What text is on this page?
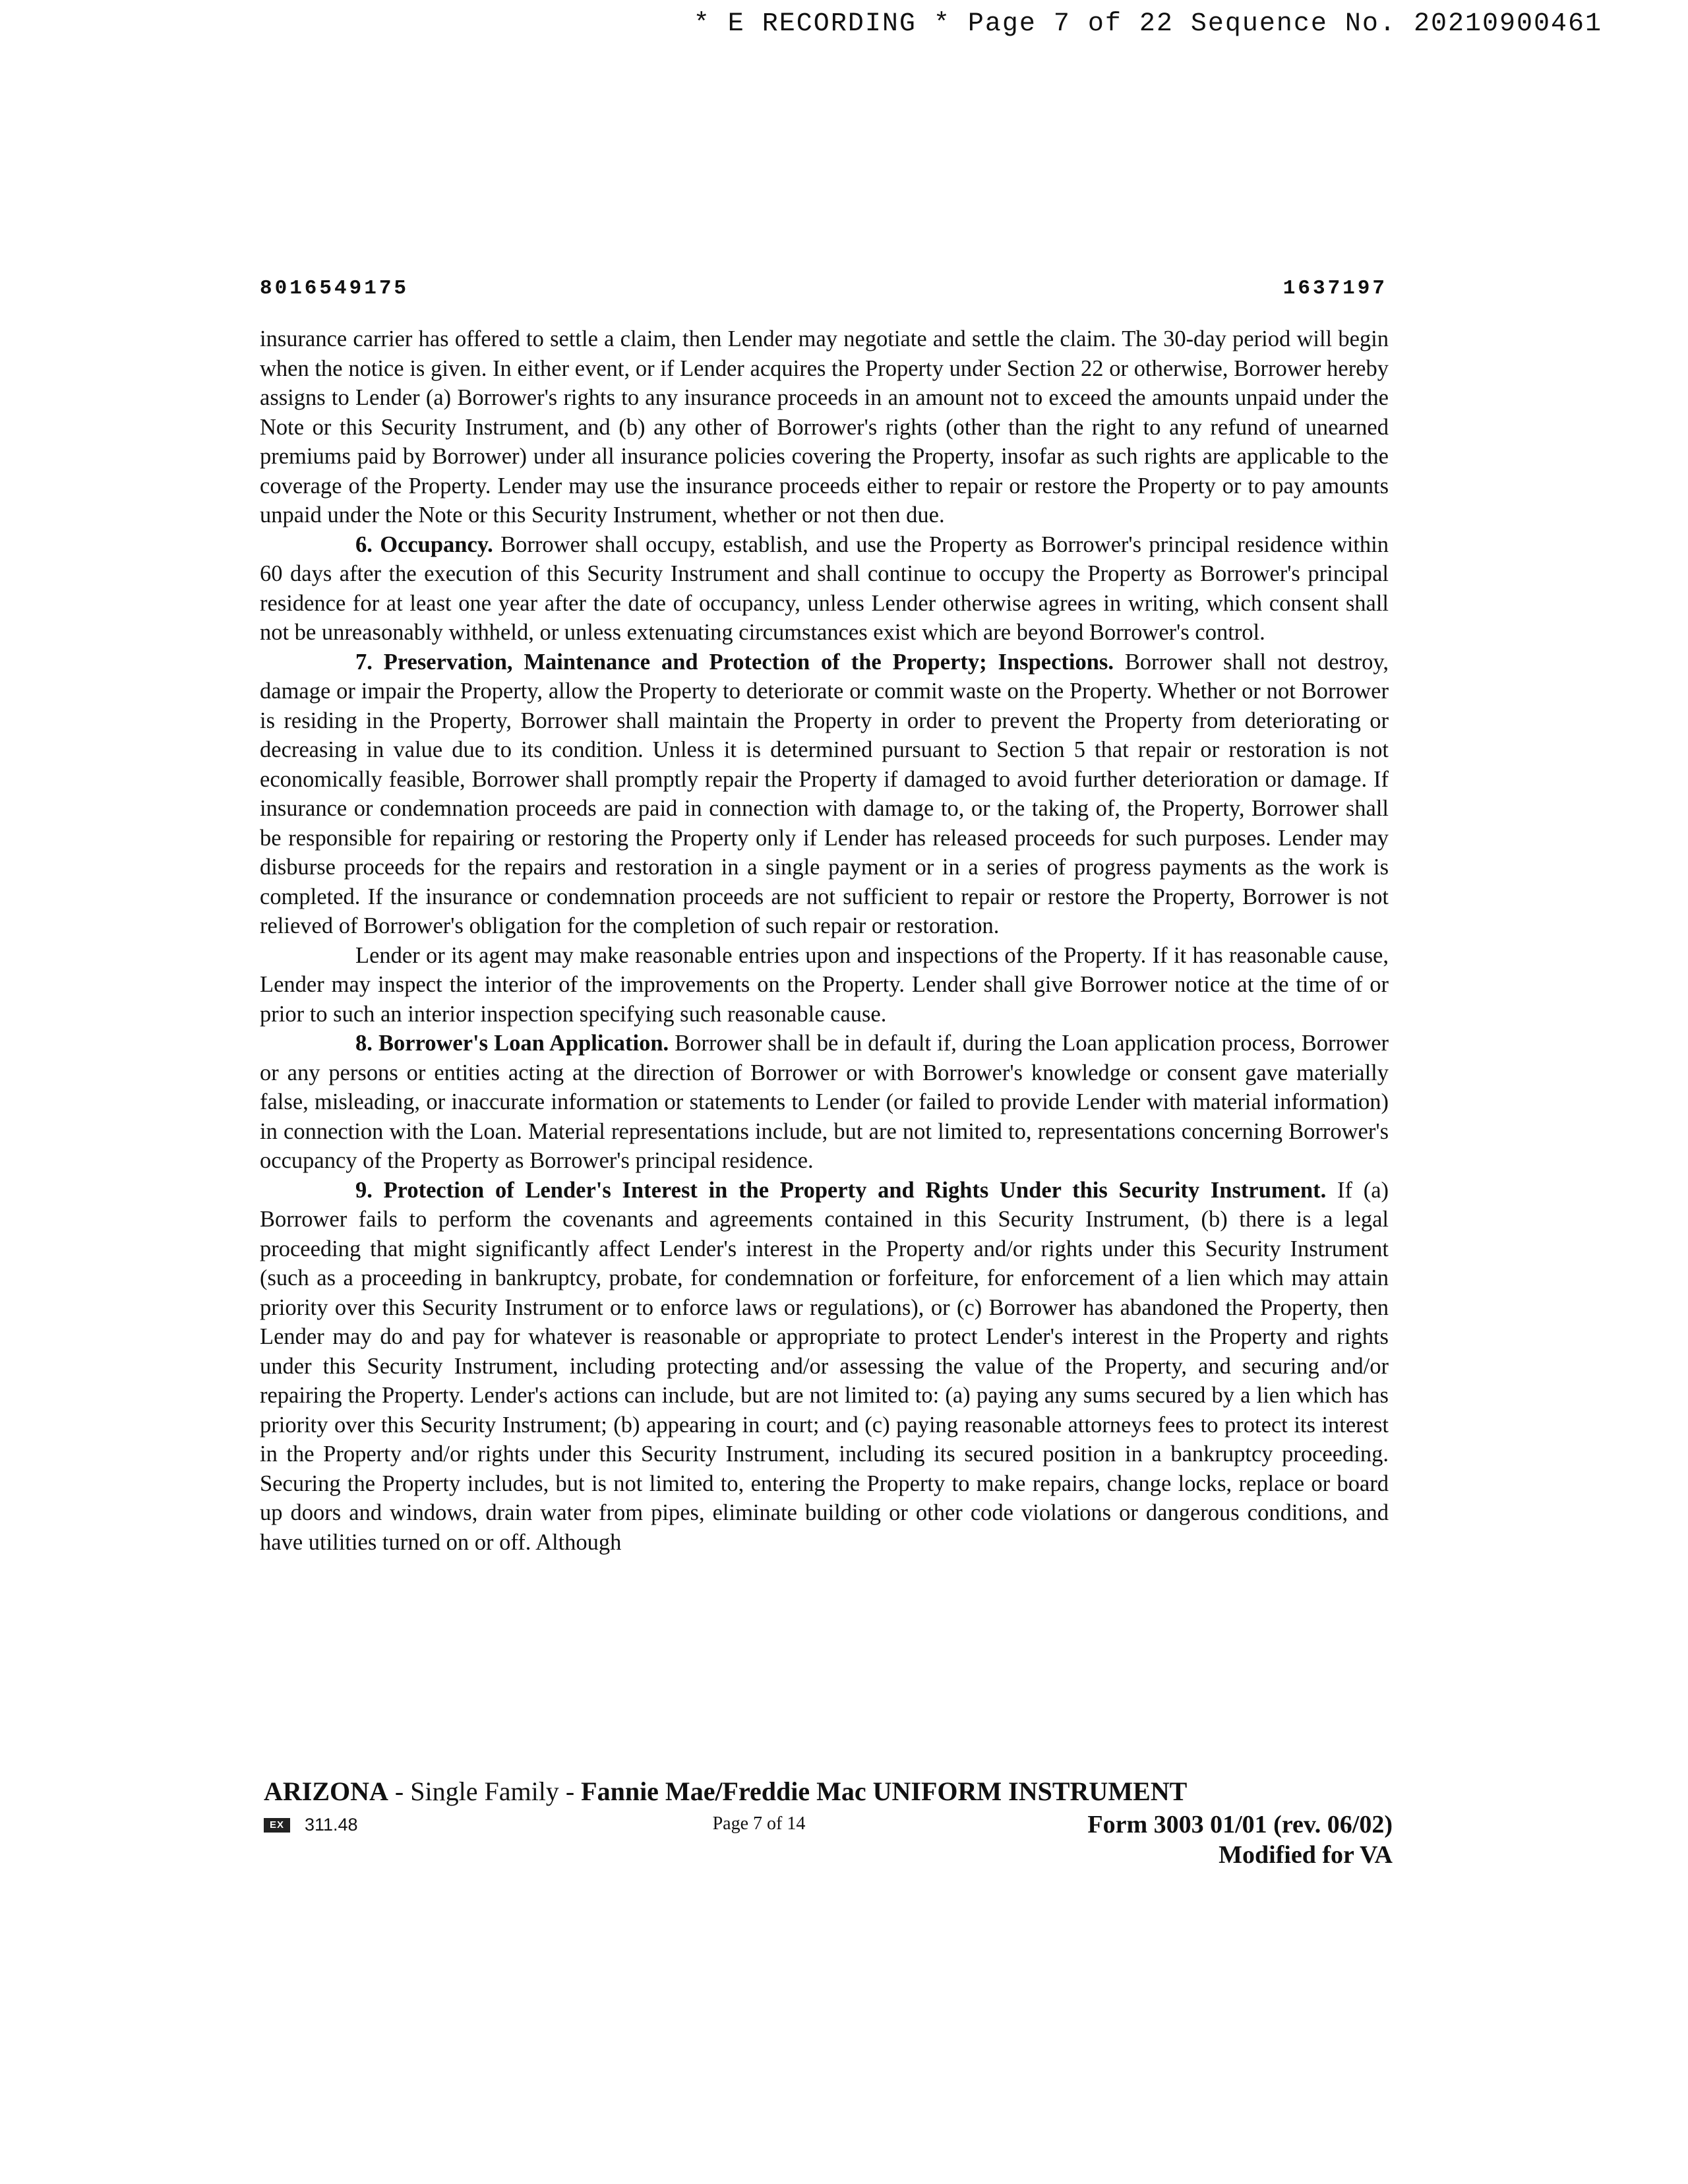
* E RECORDING * Page 7 of 22 Sequence No. 20210900461
8016549175	1637197

insurance carrier has offered to settle a claim, then Lender may negotiate and settle the claim. The 30-day period will begin when the notice is given. In either event, or if Lender acquires the Property under Section 22 or otherwise, Borrower hereby assigns to Lender (a) Borrower's rights to any insurance proceeds in an amount not to exceed the amounts unpaid under the Note or this Security Instrument, and (b) any other of Borrower's rights (other than the right to any refund of unearned premiums paid by Borrower) under all insurance policies covering the Property, insofar as such rights are applicable to the coverage of the Property. Lender may use the insurance proceeds either to repair or restore the Property or to pay amounts unpaid under the Note or this Security Instrument, whether or not then due.

6. Occupancy. Borrower shall occupy, establish, and use the Property as Borrower's principal residence within 60 days after the execution of this Security Instrument and shall continue to occupy the Property as Borrower's principal residence for at least one year after the date of occupancy, unless Lender otherwise agrees in writing, which consent shall not be unreasonably withheld, or unless extenuating circumstances exist which are beyond Borrower's control.

7. Preservation, Maintenance and Protection of the Property; Inspections. Borrower shall not destroy, damage or impair the Property, allow the Property to deteriorate or commit waste on the Property. Whether or not Borrower is residing in the Property, Borrower shall maintain the Property in order to prevent the Property from deteriorating or decreasing in value due to its condition. Unless it is determined pursuant to Section 5 that repair or restoration is not economically feasible, Borrower shall promptly repair the Property if damaged to avoid further deterioration or damage. If insurance or condemnation proceeds are paid in connection with damage to, or the taking of, the Property, Borrower shall be responsible for repairing or restoring the Property only if Lender has released proceeds for such purposes. Lender may disburse proceeds for the repairs and restoration in a single payment or in a series of progress payments as the work is completed. If the insurance or condemnation proceeds are not sufficient to repair or restore the Property, Borrower is not relieved of Borrower's obligation for the completion of such repair or restoration.

Lender or its agent may make reasonable entries upon and inspections of the Property. If it has reasonable cause, Lender may inspect the interior of the improvements on the Property. Lender shall give Borrower notice at the time of or prior to such an interior inspection specifying such reasonable cause.

8. Borrower's Loan Application. Borrower shall be in default if, during the Loan application process, Borrower or any persons or entities acting at the direction of Borrower or with Borrower's knowledge or consent gave materially false, misleading, or inaccurate information or statements to Lender (or failed to provide Lender with material information) in connection with the Loan. Material representations include, but are not limited to, representations concerning Borrower's occupancy of the Property as Borrower's principal residence.

9. Protection of Lender's Interest in the Property and Rights Under this Security Instrument. If (a) Borrower fails to perform the covenants and agreements contained in this Security Instrument, (b) there is a legal proceeding that might significantly affect Lender's interest in the Property and/or rights under this Security Instrument (such as a proceeding in bankruptcy, probate, for condemnation or forfeiture, for enforcement of a lien which may attain priority over this Security Instrument or to enforce laws or regulations), or (c) Borrower has abandoned the Property, then Lender may do and pay for whatever is reasonable or appropriate to protect Lender's interest in the Property and rights under this Security Instrument, including protecting and/or assessing the value of the Property, and securing and/or repairing the Property. Lender's actions can include, but are not limited to: (a) paying any sums secured by a lien which has priority over this Security Instrument; (b) appearing in court; and (c) paying reasonable attorneys fees to protect its interest in the Property and/or rights under this Security Instrument, including its secured position in a bankruptcy proceeding. Securing the Property includes, but is not limited to, entering the Property to make repairs, change locks, replace or board up doors and windows, drain water from pipes, eliminate building or other code violations or dangerous conditions, and have utilities turned on or off. Although

ARIZONA - Single Family - Fannie Mae/Freddie Mac UNIFORM INSTRUMENT
EX	311.48	Page 7 of 14	Form 3003 01/01 (rev. 06/02)
Modified for VA
